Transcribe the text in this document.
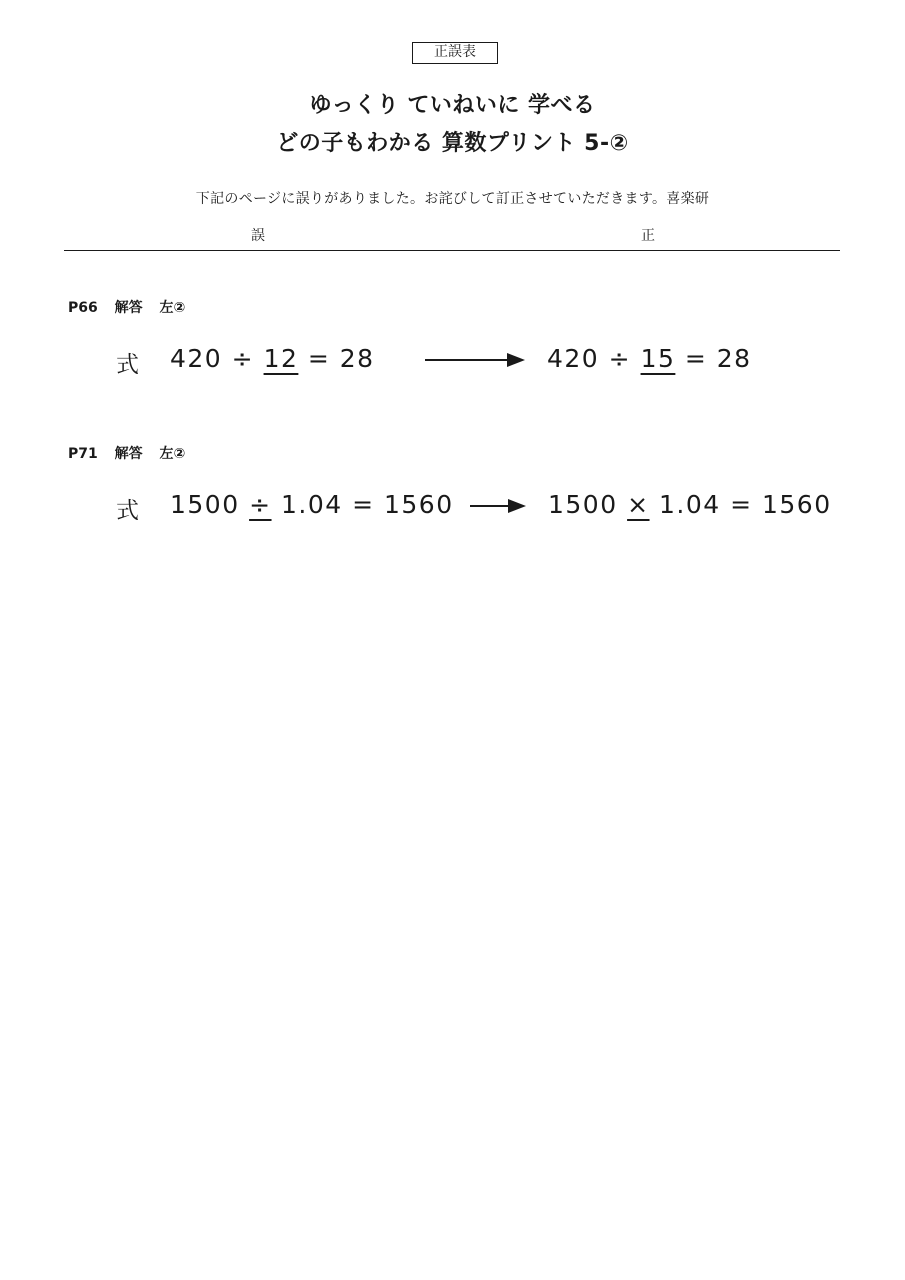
正誤表
ゆっくり ていねいに 学べる
どの子もわかる 算数プリント 5-②
下記のページに誤りがありました。お詫びして訂正させていただきます。喜楽研
誤	正
P66 解答 左②
式 420 ÷ 12 = 28	420 ÷ 15 = 28
P71 解答 左②
式 1500 ÷ 1.04 = 1560	1500 × 1.04 = 1560
